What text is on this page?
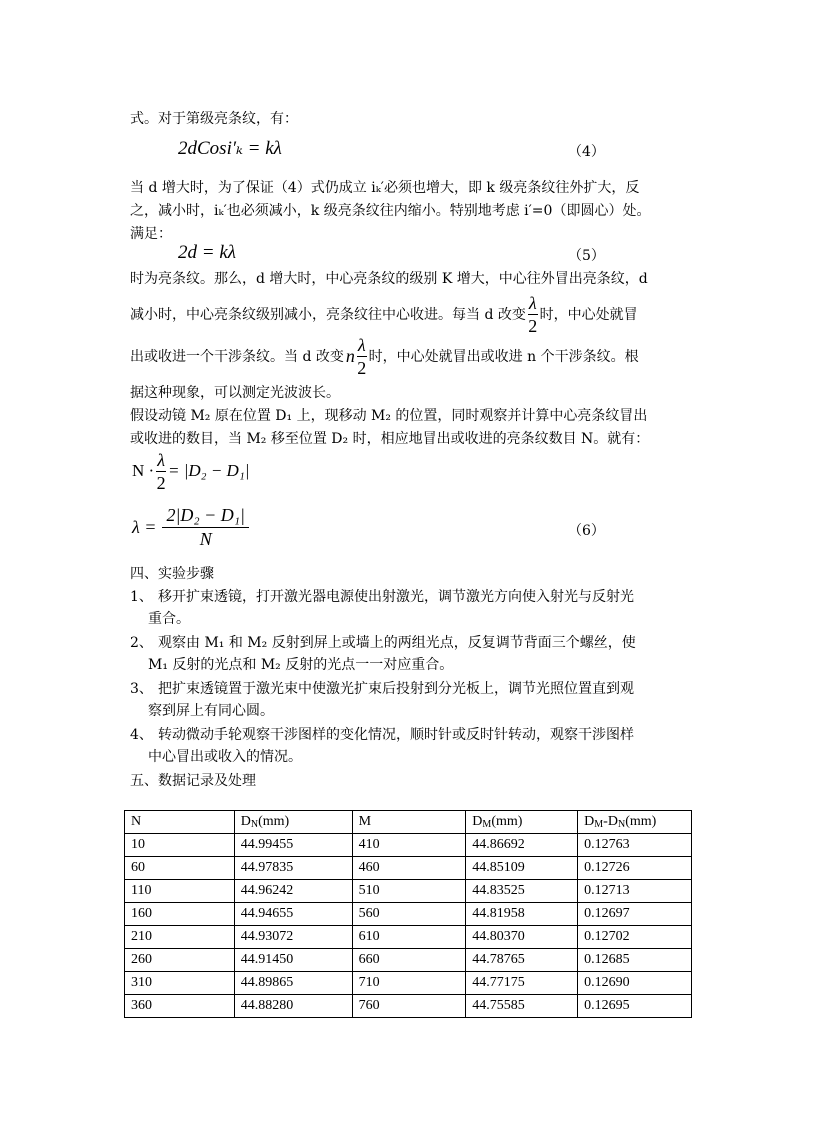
式。对于第级亮条纹，有：
2dCosi′ₖ = kλ	（4）
当 d 增大时，为了保证（4）式仍成立 iₖ′必须也增大，即 k 级亮条纹往外扩大，反
之，减小时，iₖ′也必须减小，k 级亮条纹往内缩小。特别地考虑 i′=0（即圆心）处。
满足：
2d = kλ	（5）
时为亮条纹。那么，d 增大时，中心亮条纹的级别 K 增大，中心往外冒出亮条纹，d
减小时，中心亮条纹级别减小，亮条纹往中心收进。每当 d 改变 $\frac{\lambda}{2}$ 时，中心处就冒
出或收进一个干涉条纹。当 d 改变 n $\frac{\lambda}{2}$ 时，中心处就冒出或收进 n 个干涉条纹。根
据这种现象，可以测定光波波长。
假设动镜 M₂ 原在位置 D₁ 上，现移动 M₂ 的位置，同时观察并计算中心亮条纹冒出
或收进的数目，当 M₂ 移至位置 D₂ 时，相应地冒出或收进的亮条纹数目 N。就有：
$N \cdot \frac{\lambda}{2} = |D_2 - D_1|$
$\lambda = \frac{\text{2|D₂ − D₁|}}{N}$	（6）
四、实验步骤
1、 移开扩束透镜，打开激光器电源使出射激光，调节激光方向使入射光与反射光
重合。
2、 观察由 M₁ 和 M₂ 反射到屏上或墙上的两组光点，反复调节背面三个螺丝，使
M₁ 反射的光点和 M₂ 反射的光点一一对应重合。
3、 把扩束透镜置于激光束中使激光扩束后投射到分光板上，调节光照位置直到观
察到屏上有同心圆。
4、 转动微动手轮观察干涉图样的变化情况，顺时针或反时针转动，观察干涉图样
中心冒出或收入的情况。
五、数据记录及处理
N	$D_N(mm)$	M	$D_M(mm)$	$D_M-D_N(mm)$
10	44.99455	410	44.86692	0.12763
60	44.97835	460	44.85109	0.12726
110	44.96242	510	44.83525	0.12713
160	44.94655	560	44.81958	0.12697
210	44.93072	610	44.80370	0.12702
260	44.91450	660	44.78765	0.12685
310	44.89865	710	44.77175	0.12690
360	44.88280	760	44.75585	0.12695
